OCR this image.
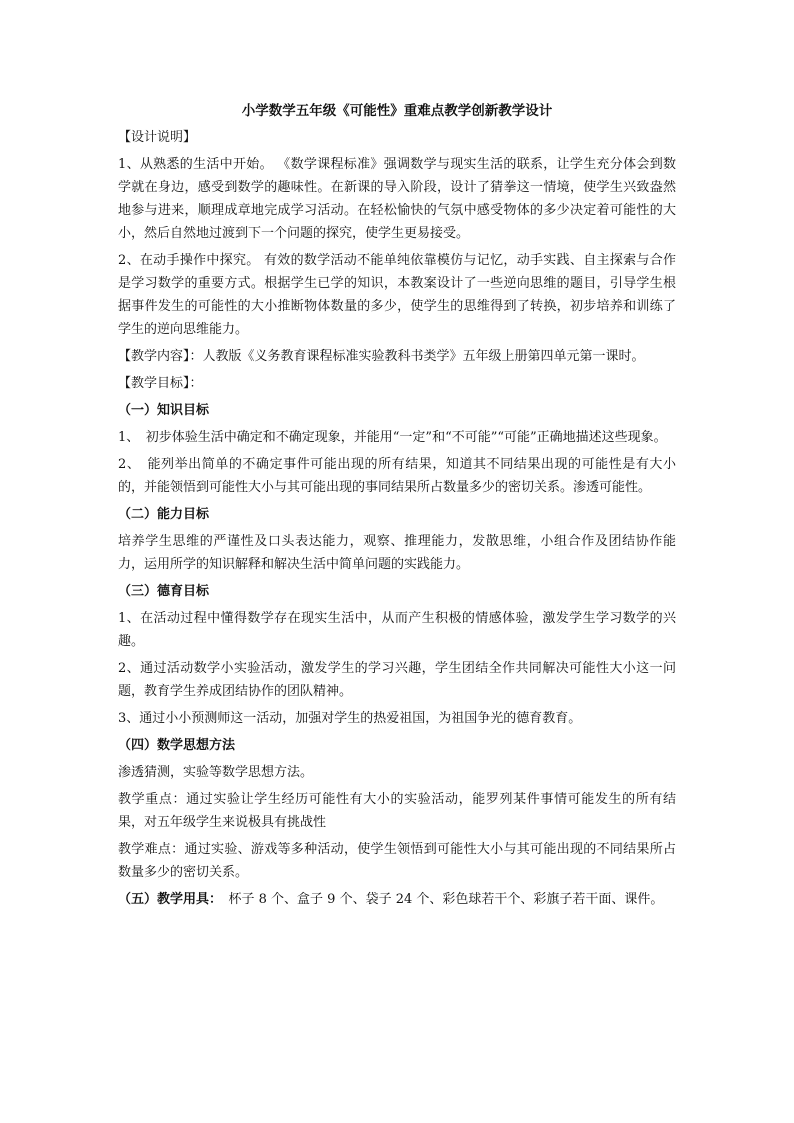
小学数学五年级《可能性》重难点教学创新教学设计
【设计说明】
1、从熟悉的生活中开始。 《数学课程标准》强调数学与现实生活的联系，让学生充分体会到数学就在身边，感受到数学的趣味性。在新课的导入阶段，设计了猜拳这一情境，使学生兴致盎然地参与进来，顺理成章地完成学习活动。在轻松愉快的气氛中感受物体的多少决定着可能性的大小，然后自然地过渡到下一个问题的探究，使学生更易接受。
2、在动手操作中探究。 有效的数学活动不能单纯依靠模仿与记忆，动手实践、自主探索与合作是学习数学的重要方式。根据学生已学的知识，本教案设计了一些逆向思维的题目，引导学生根据事件发生的可能性的大小推断物体数量的多少，使学生的思维得到了转换，初步培养和训练了学生的逆向思维能力。
【教学内容】：人教版《义务教育课程标准实验教科书类学》五年级上册第四单元第一课时。
【教学目标】：
（一）知识目标
1、　初步体验生活中确定和不确定现象，并能用“一定”和“不可能”“可能”正确地描述这些现象。
2、　能列举出简单的不确定事件可能出现的所有结果，知道其不同结果出现的可能性是有大小的，并能领悟到可能性大小与其可能出现的事同结果所占数量多少的密切关系。渗透可能性。
（二）能力目标
培养学生思维的严谨性及口头表达能力，观察、推理能力，发散思维，小组合作及团结协作能力，运用所学的知识解释和解决生活中简单问题的实践能力。
（三）德育目标
1、在活动过程中懂得数学存在现实生活中，从而产生积极的情感体验，激发学生学习数学的兴趣。
2、通过活动数学小实验活动，激发学生的学习兴趣，学生团结全作共同解决可能性大小这一问题，教育学生养成团结协作的团队精神。
3、通过小小预测师这一活动，加强对学生的热爱祖国，为祖国争光的德育教育。
（四）数学思想方法
渗透猜测，实验等数学思想方法。
教学重点：通过实验让学生经历可能性有大小的实验活动，能罗列某件事情可能发生的所有结果，对五年级学生来说极具有挑战性
教学难点：通过实验、游戏等多种活动，使学生领悟到可能性大小与其可能出现的不同结果所占数量多少的密切关系。
（五）教学用具：　杯子 8 个、盒子 9 个、袋子 24 个、彩色球若干个、彩旗子若干面、课件。
